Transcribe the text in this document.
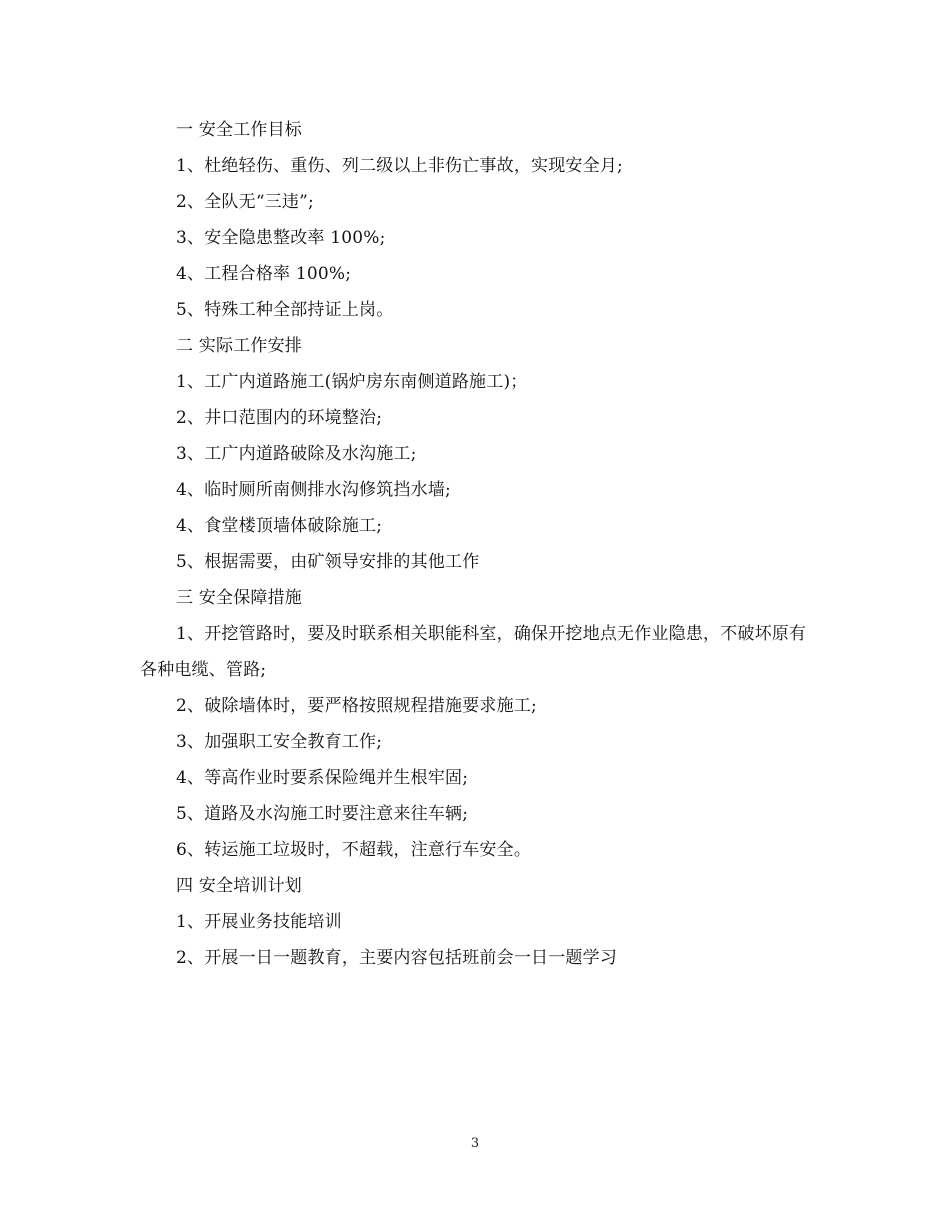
一 安全工作目标

1、杜绝轻伤、重伤、列二级以上非伤亡事故，实现安全月;

2、全队无“三违”;

3、安全隐患整改率 100%;

4、工程合格率 100%;

5、特殊工种全部持证上岗。

二 实际工作安排

1、工广内道路施工(锅炉房东南侧道路施工)；

2、井口范围内的环境整治;

3、工广内道路破除及水沟施工;

4、临时厕所南侧排水沟修筑挡水墙;

4、食堂楼顶墙体破除施工;

5、根据需要，由矿领导安排的其他工作

三 安全保障措施

1、开挖管路时，要及时联系相关职能科室，确保开挖地点无作业隐患，不破坏原有各种电缆、管路;

2、破除墙体时，要严格按照规程措施要求施工;

3、加强职工安全教育工作;

4、等高作业时要系保险绳并生根牢固;

5、道路及水沟施工时要注意来往车辆;

6、转运施工垃圾时，不超载，注意行车安全。

四 安全培训计划

1、开展业务技能培训

2、开展一日一题教育，主要内容包括班前会一日一题学习

3
